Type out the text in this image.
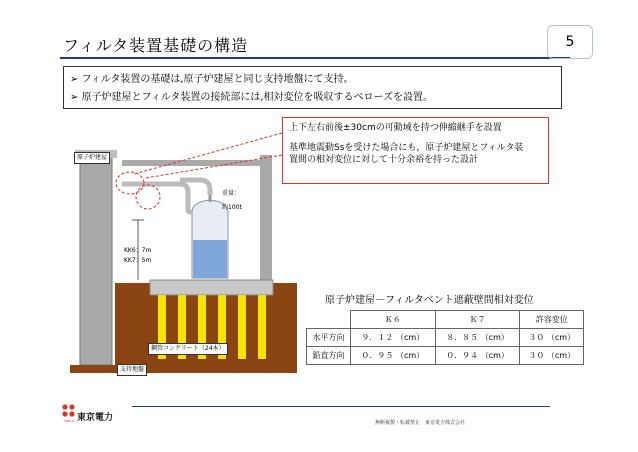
フィルタ装置基礎の構造	5
➢ フィルタ装置の基礎は,原子炉建屋と同じ支持地盤にて支持。
➢ 原子炉建屋とフィルタ装置の接続部には,相対変位を吸収するベローズを設置。
原子炉建屋
重量：
約100t
KK6：7m
KK7：5m
鋼管コンクリート（24本）
支持地盤
上下左右前後±30cmの可動域を持つ伸縮継手を設置
基準地震動Ssを受けた場合にも，原子炉建屋とフィルタ装
置間の相対変位に対して十分余裕を持った設計
原子炉建屋－フィルタベント遮蔽壁間相対変位
	Ｋ６	Ｋ７	許容変位
水平方向	９．１２ （cm）	８．８５ （cm）	３０ （cm）
鉛直方向	０．９５ （cm）	０．９４ （cm）	３０ （cm）
TEPCO 東京電力	無断複製・転載禁止　東京電力株式会社
